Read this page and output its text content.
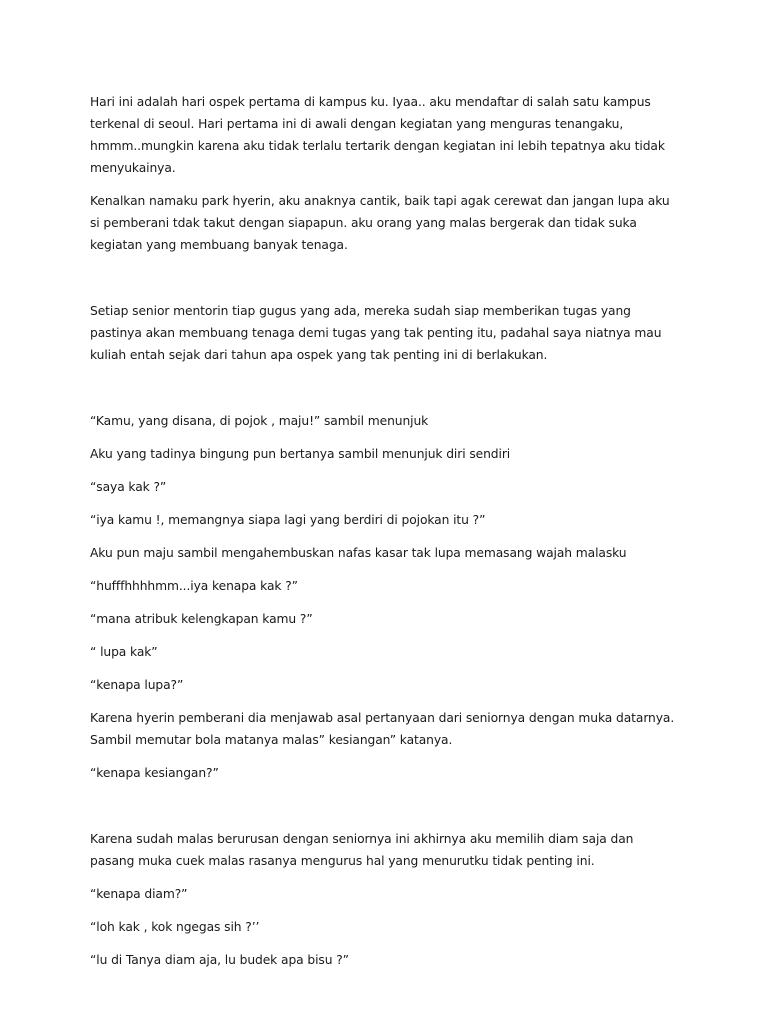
Hari ini adalah hari ospek pertama di kampus ku. Iyaa.. aku mendaftar di salah satu kampus terkenal di seoul. Hari pertama ini di awali dengan kegiatan yang menguras tenangaku, hmmm..mungkin karena aku tidak terlalu tertarik dengan kegiatan ini lebih tepatnya aku tidak menyukainya.

Kenalkan namaku park hyerin, aku anaknya cantik, baik tapi agak cerewat dan jangan lupa aku si pemberani tdak takut dengan siapapun. aku orang yang malas bergerak dan tidak suka kegiatan yang membuang banyak tenaga.

Setiap senior mentorin tiap gugus yang ada, mereka sudah siap memberikan tugas yang pastinya akan membuang tenaga demi tugas yang tak penting itu, padahal saya niatnya mau kuliah entah sejak dari tahun apa ospek yang tak penting ini di berlakukan.

“Kamu, yang disana, di pojok , maju!” sambil menunjuk

Aku yang tadinya bingung pun bertanya sambil menunjuk diri sendiri

“saya kak ?”

“iya kamu !, memangnya siapa lagi yang berdiri di pojokan itu ?”

Aku pun maju sambil mengahembuskan nafas kasar tak lupa memasang wajah malasku

“hufffhhhhmm...iya kenapa kak ?”

“mana atribuk kelengkapan kamu ?”

“ lupa kak”

“kenapa lupa?”

Karena hyerin pemberani dia menjawab asal pertanyaan dari seniornya dengan muka datarnya. Sambil memutar bola matanya malas” kesiangan” katanya.

“kenapa kesiangan?”

Karena sudah malas berurusan dengan seniornya ini akhirnya aku memilih diam saja dan pasang muka cuek malas rasanya mengurus hal yang menurutku tidak penting ini.

“kenapa diam?”

“loh kak , kok ngegas sih ?’’

“lu di Tanya diam aja, lu budek apa bisu ?”
